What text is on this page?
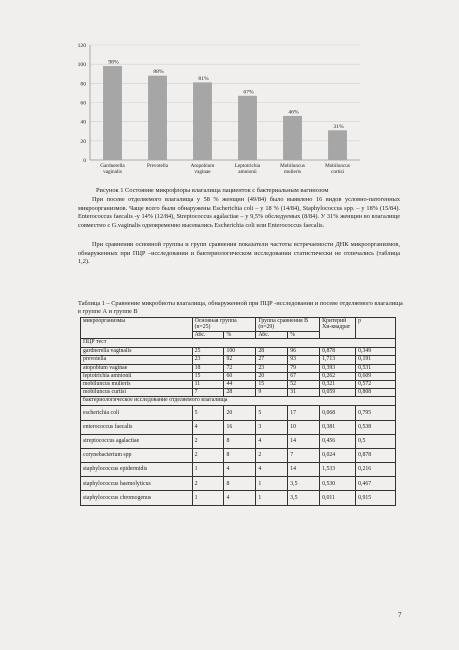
0
20
40
60
80
100
120
98%
Gardnerella
vaginalis
88%
Prevotella
81%
Atopobium
vaginae
67%
Leptotrichia
amnionii
46%
Mobiluncus
mulieris
31%
Mobiluncus
curtisi
Рисунок 1 Состояние микрофлоры влагалища пациенток с бактериальным вагинозом

При посеве отделяемого влагалища у 58 % женщин (49/84) было выявлено 16 видов условно-патогенных микроорганизмов. Чаще всего были обнаружены Escherichia coli – у 18 % (14/84), Staphylococcus spp. – у 18% (15/84). Enterococcus faecalis -у 14% (12/84), Streptococcus agalactiae – у 9,5% обследуемых (8/84). У 31% женщин во влагалище совместно с G.vaginalis одновременно высевались Escherichia coli или Enterococcus faecalis.

При сравнении основной группы и групп сравнения показатели частоты встречаемости ДНК микроорганизмов, обнаруженных при ПЦР –исследовании и бактериологическом исследовании статистически не отличались (таблица 1,2).

Таблица 1 – Сравнение микробиоты влагалища, обнаруженной при ПЦР -исследовании и посеве отделяемого влагалища в группе А и группе В
микроорганизмы	Основная группа (n=25)		Группа сравнения В (n=29)		Критерий Хи-квадрат	p
	Абс.	%	Абс.	%		
ПЦР тест						
gardnerella vaginalis	25	100	28	96	0,878	0,349
prevotella	23	92	27	93	1,713	0,191
atopobium vaginae	18	72	23	79	0,393	0,531
leptotrichia amnionii	15	60	20	67	0,262	0,609
mobiluncus mulieris	11	44	15	52	0,321	0,572
mobiluncus curtisi	7	28	9	31	0,059	0,808
бактериологическое исследование отделяемого влагалища						
escherichia coli	5	20	5	17	0,068	0,795
enterococcus faecalis	4	16	3	10	0,381	0,538
streptococcus agalactiae	2	8	4	14	0,456	0,5
corynebacterium spp	2	8	2	7	0,024	0,878
staphylococcus epidermidis	1	4	4	14	1,533	0,216
staphylococcus haemolyticus	2	8	1	3,5	0,530	0,467
staphylococcus chromogenus	1	4	1	3,5	0,011	0,915
7
